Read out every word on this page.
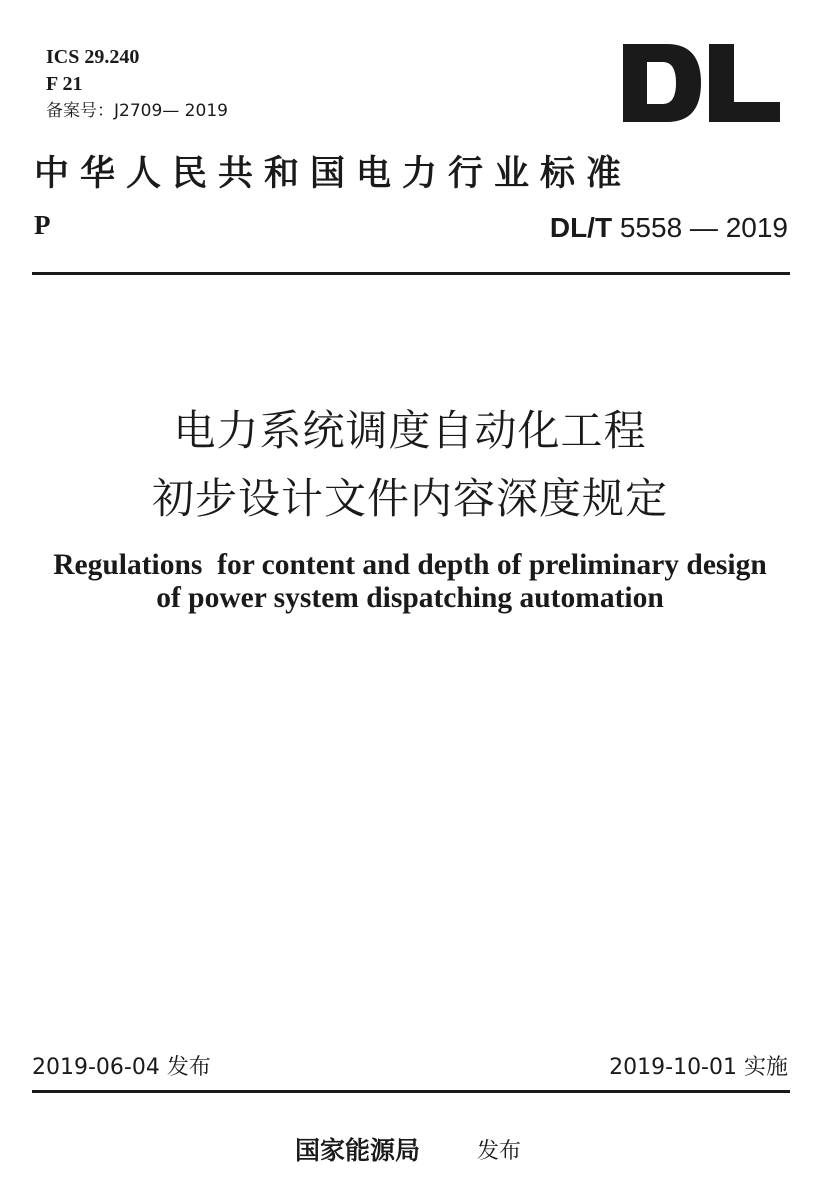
ICS 29.240
F 21
备案号：J2709— 2019
中华人民共和国电力行业标准
P	DL/T 5558 — 2019
电力系统调度自动化工程
初步设计文件内容深度规定
Regulations  for content and depth of preliminary design
of power system dispatching automation
2019-06-04 发布	2019-10-01 实施
国家能源局	发布
